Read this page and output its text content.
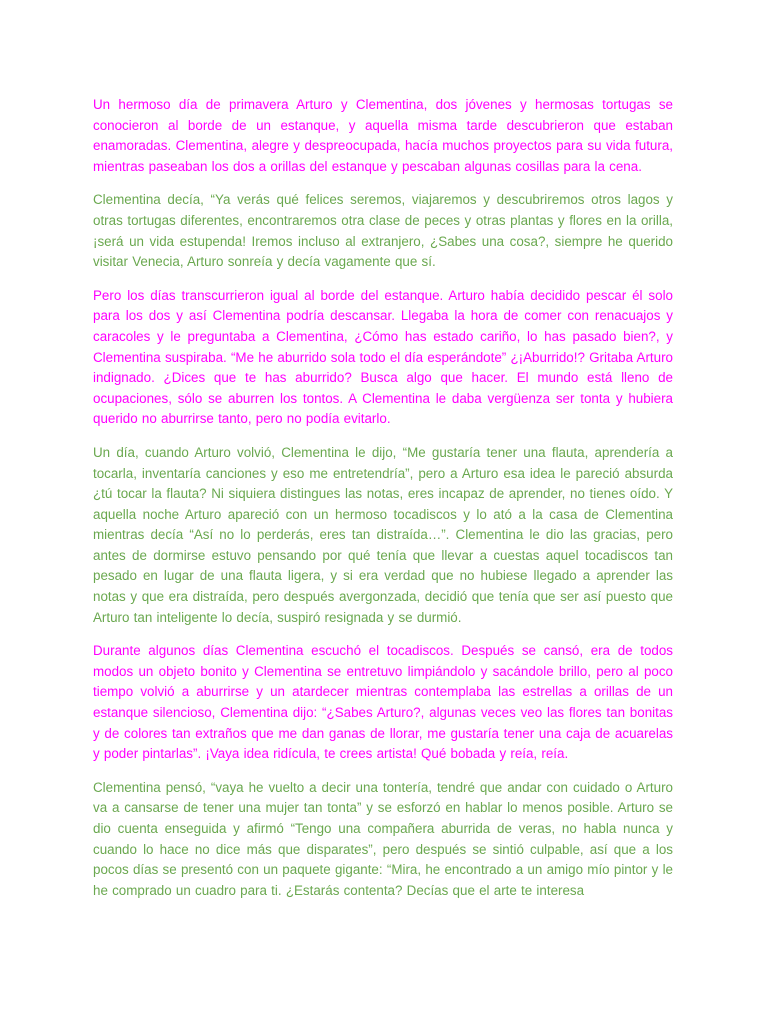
Un hermoso día de primavera Arturo y Clementina, dos jóvenes y hermosas tortugas se conocieron al borde de un estanque, y aquella misma tarde descubrieron que estaban enamoradas. Clementina, alegre y despreocupada, hacía muchos proyectos para su vida futura, mientras paseaban los dos a orillas del estanque y pescaban algunas cosillas para la cena.

Clementina decía, “Ya verás qué felices seremos, viajaremos y descubriremos otros lagos y otras tortugas diferentes, encontraremos otra clase de peces y otras plantas y flores en la orilla, ¡será un vida estupenda! Iremos incluso al extranjero, ¿Sabes una cosa?, siempre he querido visitar Venecia, Arturo sonreía y decía vagamente que sí.

Pero los días transcurrieron igual al borde del estanque. Arturo había decidido pescar él solo para los dos y así Clementina podría descansar. Llegaba la hora de comer con renacuajos y caracoles y le preguntaba a Clementina, ¿Cómo has estado cariño, lo has pasado bien?, y Clementina suspiraba. “Me he aburrido sola todo el día esperándote” ¿¡Aburrido!? Gritaba Arturo indignado. ¿Dices que te has aburrido? Busca algo que hacer. El mundo está lleno de ocupaciones, sólo se aburren los tontos. A Clementina le daba vergüenza ser tonta y hubiera querido no aburrirse tanto, pero no podía evitarlo.

Un día, cuando Arturo volvió, Clementina le dijo, “Me gustaría tener una flauta, aprendería a tocarla, inventaría canciones y eso me entretendría”, pero a Arturo esa idea le pareció absurda ¿tú tocar la flauta? Ni siquiera distingues las notas, eres incapaz de aprender, no tienes oído. Y aquella noche Arturo apareció con un hermoso tocadiscos y lo ató a la casa de Clementina mientras decía “Así no lo perderás, eres tan distraída…”. Clementina le dio las gracias, pero antes de dormirse estuvo pensando por qué tenía que llevar a cuestas aquel tocadiscos tan pesado en lugar de una flauta ligera, y si era verdad que no hubiese llegado a aprender las notas y que era distraída, pero después avergonzada, decidió que tenía que ser así puesto que Arturo tan inteligente lo decía, suspiró resignada y se durmió.

Durante algunos días Clementina escuchó el tocadiscos. Después se cansó, era de todos modos un objeto bonito y Clementina se entretuvo limpiándolo y sacándole brillo, pero al poco tiempo volvió a aburrirse y un atardecer mientras contemplaba las estrellas a orillas de un estanque silencioso, Clementina dijo: “¿Sabes Arturo?, algunas veces veo las flores tan bonitas y de colores tan extraños que me dan ganas de llorar, me gustaría tener una caja de acuarelas y poder pintarlas”. ¡Vaya idea ridícula, te crees artista! Qué bobada y reía, reía.

Clementina pensó, “vaya he vuelto a decir una tontería, tendré que andar con cuidado o Arturo va a cansarse de tener una mujer tan tonta” y se esforzó en hablar lo menos posible. Arturo se dio cuenta enseguida y afirmó “Tengo una compañera aburrida de veras, no habla nunca y cuando lo hace no dice más que disparates”, pero después se sintió culpable, así que a los pocos días se presentó con un paquete gigante: “Mira, he encontrado a un amigo mío pintor y le he comprado un cuadro para ti. ¿Estarás contenta? Decías que el arte te interesa
